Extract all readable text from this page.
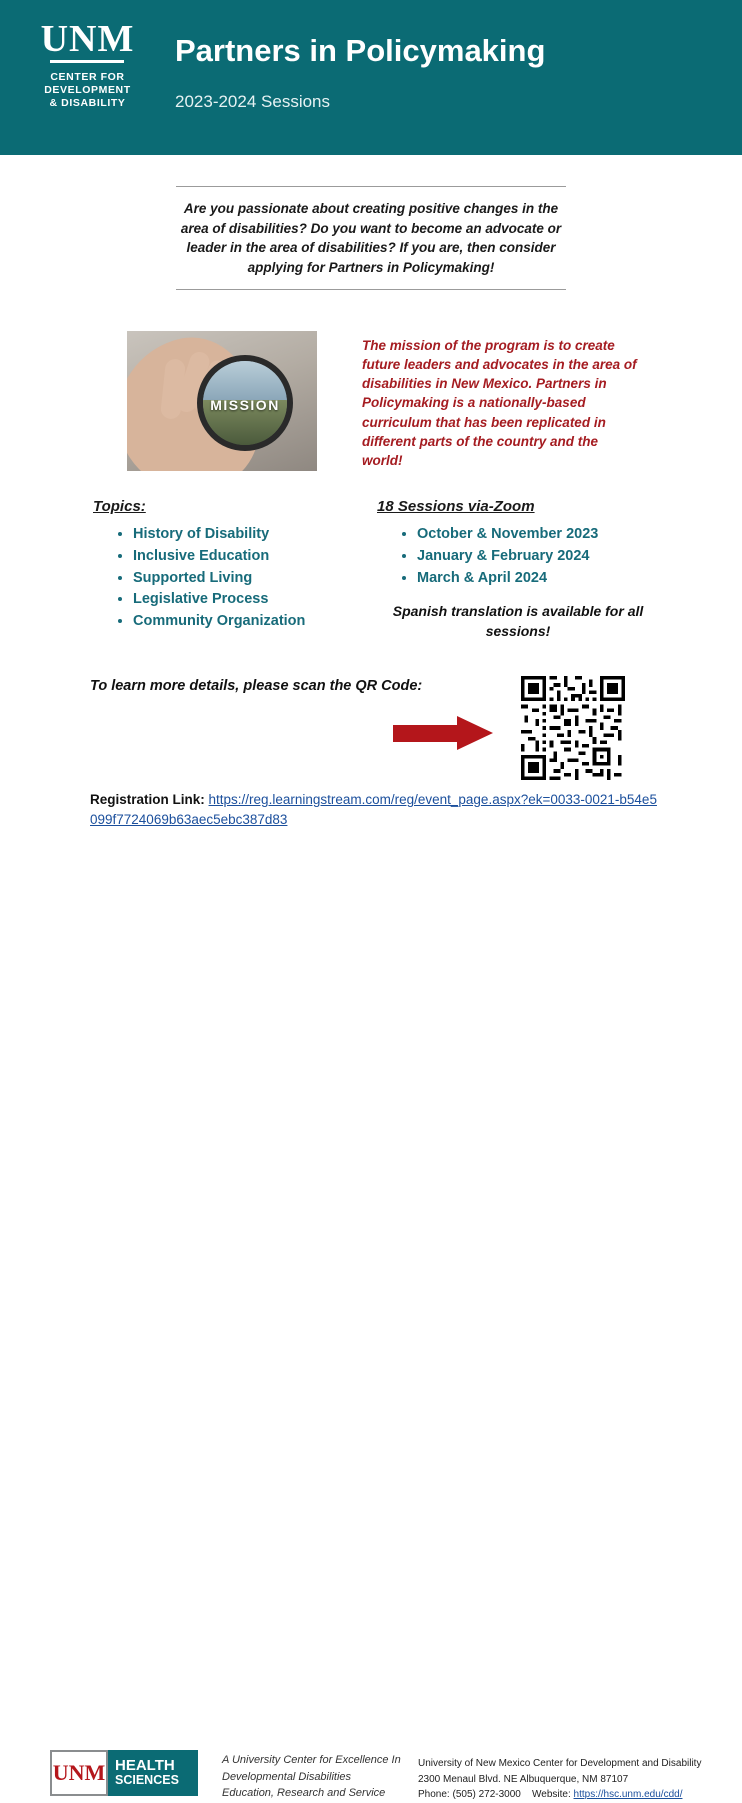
UNM
CENTER FOR
DEVELOPMENT
& DISABILITY
Partners in Policymaking
2023-2024 Sessions

Are you passionate about creating positive changes in the area of disabilities? Do you want to become an advocate or leader in the area of disabilities? If you are, then consider applying for Partners in Policymaking!

MISSION
The mission of the program is to create future leaders and advocates in the area of disabilities in New Mexico. Partners in Policymaking is a nationally-based curriculum that has been replicated in different parts of the country and the world!
Topics:
• History of Disability
• Inclusive Education
• Supported Living
• Legislative Process
• Community Organization
18 Sessions via-Zoom
• October & November 2023
• January & February 2024
• March & April 2024
Spanish translation is available for all sessions!
To learn more details, please scan the QR Code:
Registration Link: https://reg.learningstream.com/reg/event_page.aspx?ek=0033-0021-b54e5099f7724069b63aec5ebc387d83
UNM HEALTH
SCIENCES
A University Center for Excellence In Developmental Disabilities Education, Research and Service
University of New Mexico Center for Development and Disability
2300 Menaul Blvd. NE Albuquerque, NM 87107
Phone: (505) 272-3000 Website: https://hsc.unm.edu/cdd/
